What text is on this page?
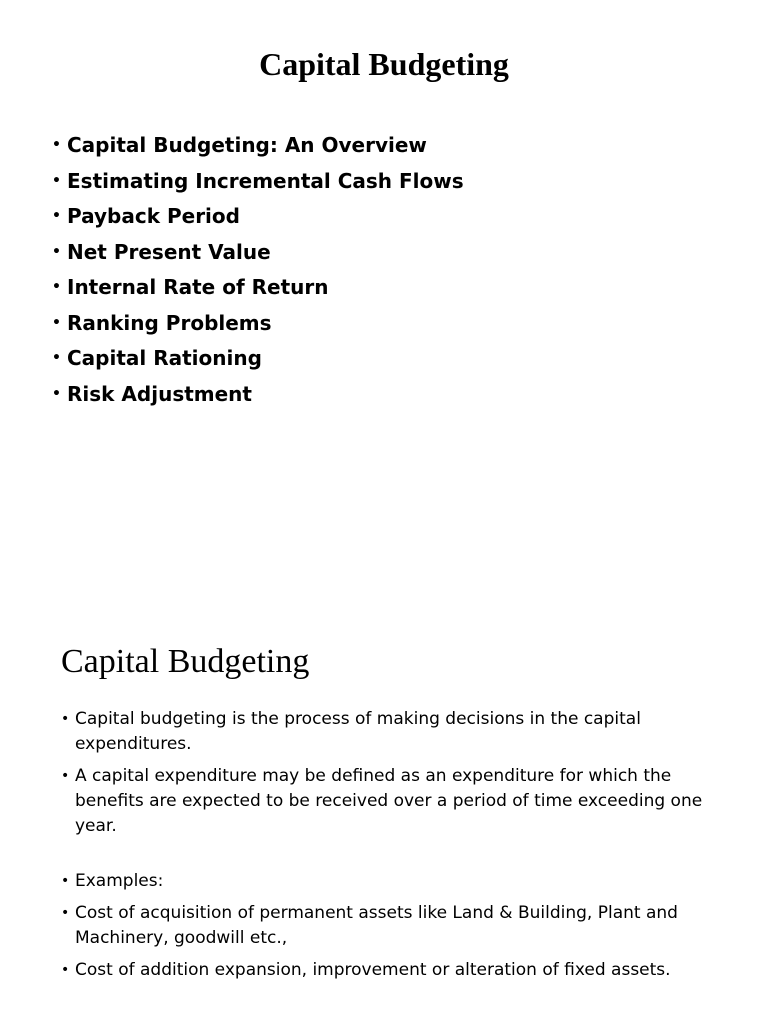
Capital Budgeting
• Capital Budgeting: An Overview
• Estimating Incremental Cash Flows
• Payback Period
• Net Present Value
• Internal Rate of Return
• Ranking Problems
• Capital Rationing
• Risk Adjustment
Capital Budgeting
• Capital budgeting is the process of making decisions in the capital expenditures.
• A capital expenditure may be defined as an expenditure for which the benefits are expected to be received over a period of time exceeding one year.
• Examples:
• Cost of acquisition of permanent assets like Land & Building, Plant and Machinery, goodwill etc.,
• Cost of addition expansion, improvement or alteration of fixed assets.
